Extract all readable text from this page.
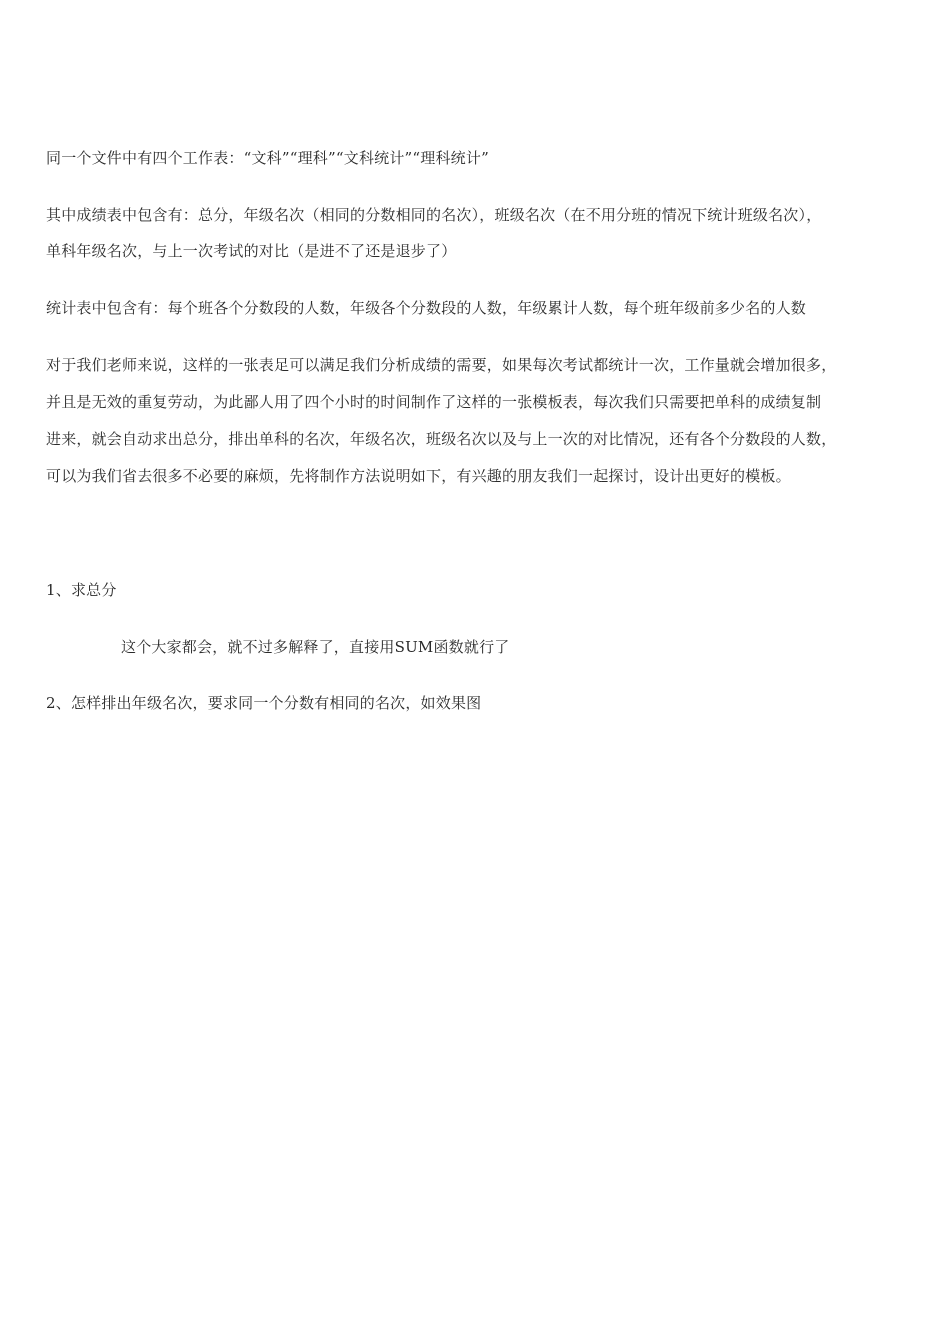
同一个文件中有四个工作表：“文科”“理科”“文科统计”“理科统计”
其中成绩表中包含有：总分，年级名次（相同的分数相同的名次），班级名次（在不用分班的情况下统计班级名次），
单科年级名次，与上一次考试的对比（是进不了还是退步了）
统计表中包含有：每个班各个分数段的人数，年级各个分数段的人数，年级累计人数，每个班年级前多少名的人数
对于我们老师来说，这样的一张表足可以满足我们分析成绩的需要，如果每次考试都统计一次，工作量就会增加很多，
并且是无效的重复劳动，为此鄙人用了四个小时的时间制作了这样的一张模板表，每次我们只需要把单科的成绩复制
进来，就会自动求出总分，排出单科的名次，年级名次，班级名次以及与上一次的对比情况，还有各个分数段的人数，
可以为我们省去很多不必要的麻烦，先将制作方法说明如下，有兴趣的朋友我们一起探讨，设计出更好的模板。
1、求总分
这个大家都会，就不过多解释了，直接用SUM函数就行了
2、怎样排出年级名次，要求同一个分数有相同的名次，如效果图
